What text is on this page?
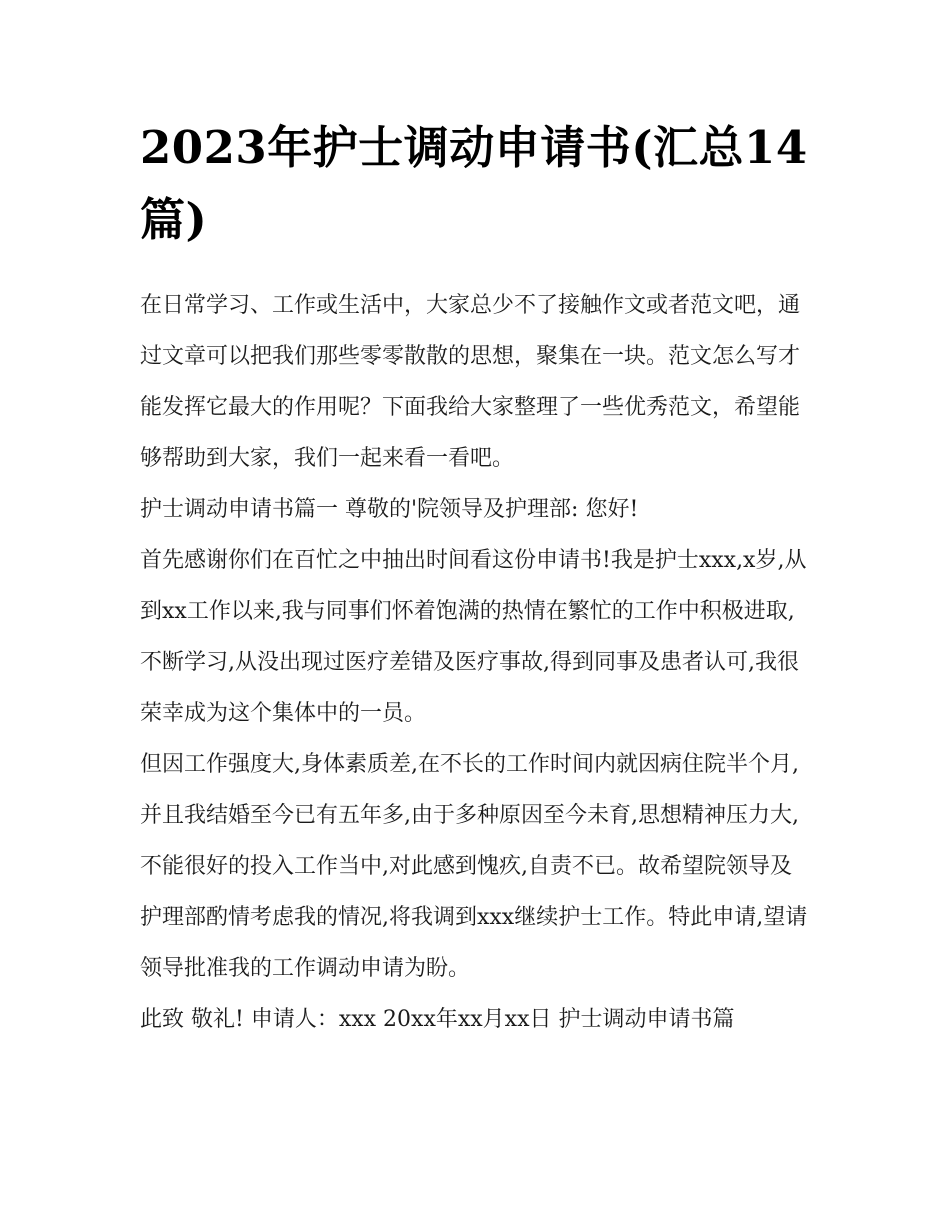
2023年护士调动申请书(汇总14篇)

在日常学习、工作或生活中，大家总少不了接触作文或者范文吧，通过文章可以把我们那些零零散散的思想，聚集在一块。范文怎么写才能发挥它最大的作用呢？下面我给大家整理了一些优秀范文，希望能够帮助到大家，我们一起来看一看吧。

护士调动申请书篇一 尊敬的'院领导及护理部: 您好!

首先感谢你们在百忙之中抽出时间看这份申请书!我是护士xxx,x岁,从到xx工作以来,我与同事们怀着饱满的热情在繁忙的工作中积极进取,不断学习,从没出现过医疗差错及医疗事故,得到同事及患者认可,我很荣幸成为这个集体中的一员。

但因工作强度大,身体素质差,在不长的工作时间内就因病住院半个月,并且我结婚至今已有五年多,由于多种原因至今未育,思想精神压力大,不能很好的投入工作当中,对此感到愧疚,自责不已。故希望院领导及护理部酌情考虑我的情况,将我调到xxx继续护士工作。特此申请,望请领导批准我的工作调动申请为盼。

此致 敬礼! 申请人：xxx 20xx年xx月xx日 护士调动申请书篇
